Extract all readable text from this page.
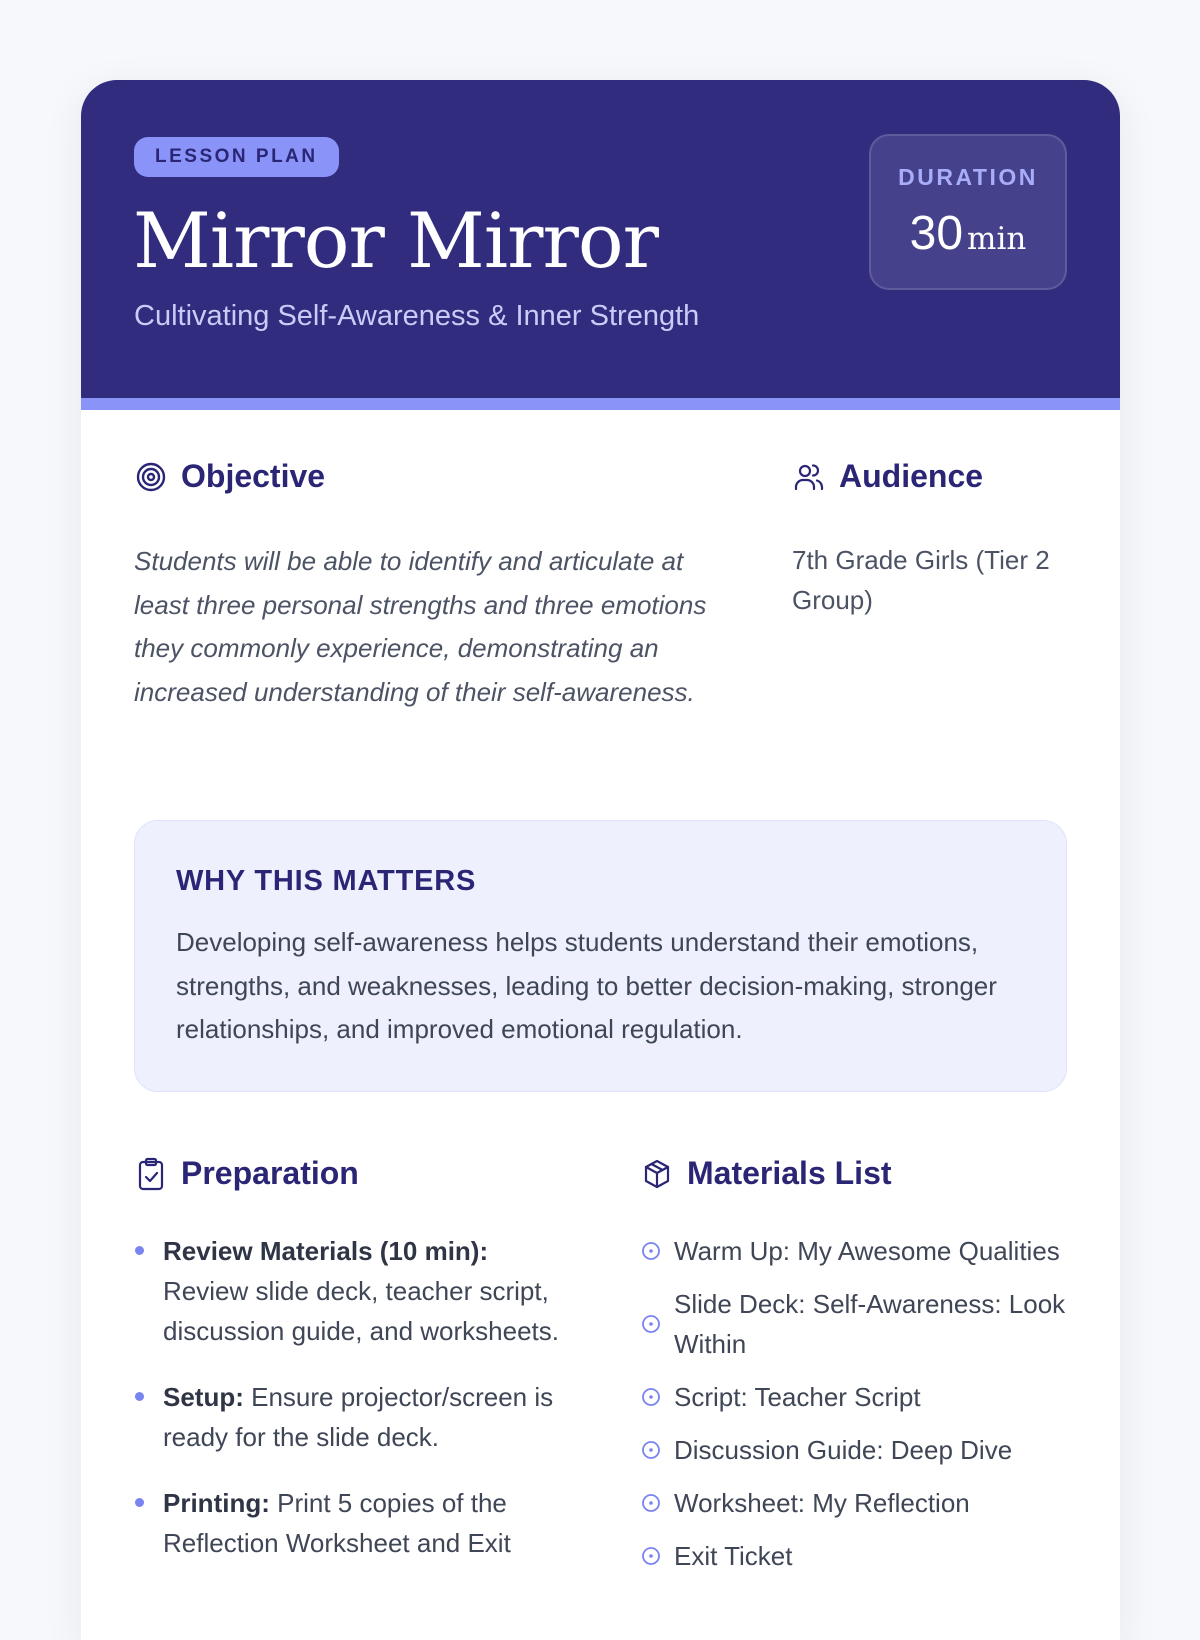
LESSON PLAN
Mirror Mirror
Cultivating Self-Awareness & Inner Strength
DURATION
30 min
Objective

Students will be able to identify and articulate at least three personal strengths and three emotions they commonly experience, demonstrating an increased understanding of their self-awareness.

Audience

7th Grade Girls (Tier 2 Group)

WHY THIS MATTERS

Developing self-awareness helps students understand their emotions, strengths, and weaknesses, leading to better decision-making, stronger relationships, and improved emotional regulation.

Preparation
Review Materials (10 min): Review slide deck, teacher script, discussion guide, and worksheets.
Setup: Ensure projector/screen is ready for the slide deck.
Printing: Print 5 copies of the Reflection Worksheet and Exit
Materials List
Warm Up: My Awesome Qualities
Slide Deck: Self-Awareness: Look Within
Script: Teacher Script
Discussion Guide: Deep Dive
Worksheet: My Reflection
Exit Ticket
